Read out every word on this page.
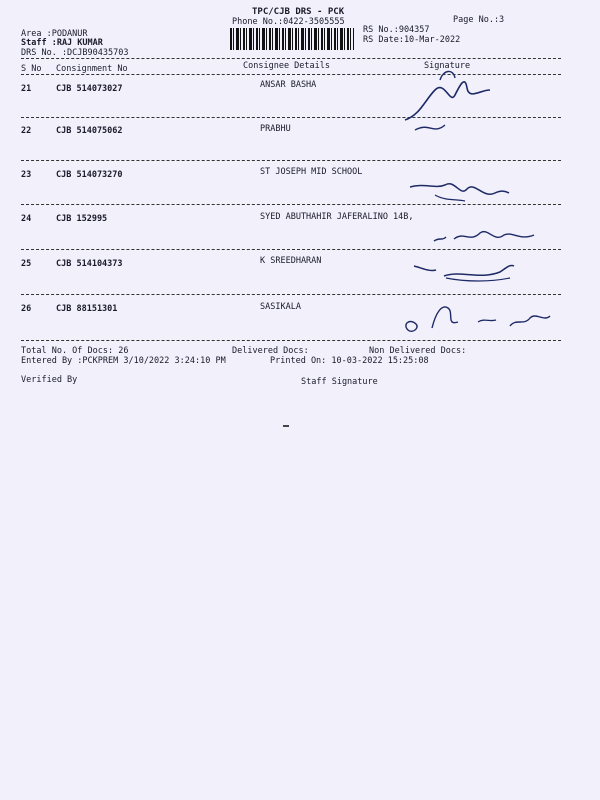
TPC/CJB DRS - PCK
Phone No.:0422-3505555	Page No.:3
RS No.:904357
RS Date:10-Mar-2022
Area :PODANUR
Staff :RAJ KUMAR
DRS No. :DCJB90435703
S No Consignment No	Consignee Details	Signature
21	CJB 514073027	ANSAR BASHA
22	CJB 514075062	PRABHU
23	CJB 514073270	ST JOSEPH MID SCHOOL
24	CJB 152995	SYED ABUTHAHIR JAFERALINO 14B,
25	CJB 514104373	K SREEDHARAN
26	CJB 88151301	SASIKALA
Total No. Of Docs: 26	Delivered Docs:	Non Delivered Docs:
Entered By :PCKPREM 3/10/2022 3:24:10 PM	Printed On: 10-03-2022 15:25:08
Verified By	Staff Signature
